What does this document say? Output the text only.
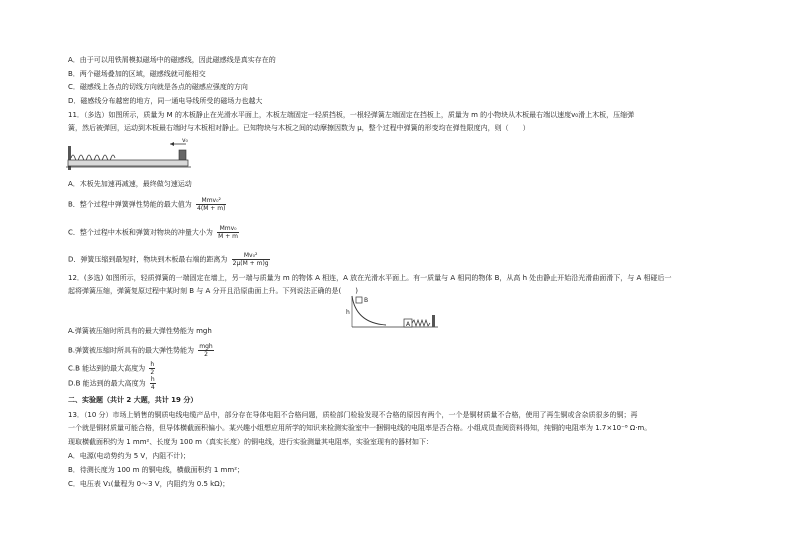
A．由于可以用铁屑模拟磁场中的磁感线，因此磁感线是真实存在的
B．两个磁场叠加的区域，磁感线就可能相交
C．磁感线上各点的切线方向就是各点的磁感应强度的方向
D．磁感线分布越密的地方，同一通电导线所受的磁场力也越大
11．（多选）如图所示，质量为 M 的木板静止在光滑水平面上，木板左端固定一轻质挡板，一根轻弹簧左端固定在挡板上，质量为 m 的小物块从木板最右端以速度v₀滑上木板，压缩弹
簧，然后被弹回，运动到木板最右端时与木板相对静止。已知物块与木板之间的动摩擦因数为 μ，整个过程中弹簧的形变均在弹性限度内，则（　　）
v₀
A．木板先加速再减速，最终做匀速运动
B．整个过程中弹簧弹性势能的最大值为 $\frac{\text{Mmv₀²}}{4(M + m)}$
C．整个过程中木板和弹簧对物块的冲量大小为 $\frac{\text{Mmv₀}}{M + m}$
D．弹簧压缩到最短时，物块到木板最右端的距离为 $\frac{\text{Mv₀²}}{2\mu(M + m)g}$
12．(多选) 如图所示，轻质弹簧的一端固定在墙上，另一端与质量为 m 的物体 A 相连，A 放在光滑水平面上。有一质量与 A 相同的物体 B，从高 h 处由静止开始沿光滑曲面滑下，与 A 相碰后一
起将弹簧压缩，弹簧复原过程中某时刻 B 与 A 分开且沿原曲面上升。下列说法正确的是(　　)
h
B
A
A.弹簧被压缩时所具有的最大弹性势能为 mgh
B.弹簧被压缩时所具有的最大弹性势能为 $\frac{\text{mgh}}{2}$
C.B 能达到的最大高度为 $\frac{h}{2}$
D.B 能达到的最大高度为 $\frac{h}{4}$
二、实验题（共计 2 大题，共计 19 分）
13．（10 分）市场上销售的铜质电线电缆产品中，部分存在导体电阻不合格问题，质检部门检验发现不合格的原因有两个，一个是铜材质量不合格，使用了再生铜或含杂质很多的铜；再
一个就是铜材质量可能合格，但导体横截面积偏小。某兴趣小组想应用所学的知识来检测实验室中一捆铜电线的电阻率是否合格。小组成员查阅资料得知，纯铜的电阻率为 1.7×10⁻⁸ Ω·m。
现取横截面积约为 1 mm²、长度为 100 m（真实长度）的铜电线，进行实验测量其电阻率，实验室现有的器材如下：
A．电源(电动势约为 5 V，内阻不计)；
B．待测长度为 100 m 的铜电线，横截面积约 1 mm²；
C．电压表 V₁(量程为 0～3 V，内阻约为 0.5 kΩ)；
